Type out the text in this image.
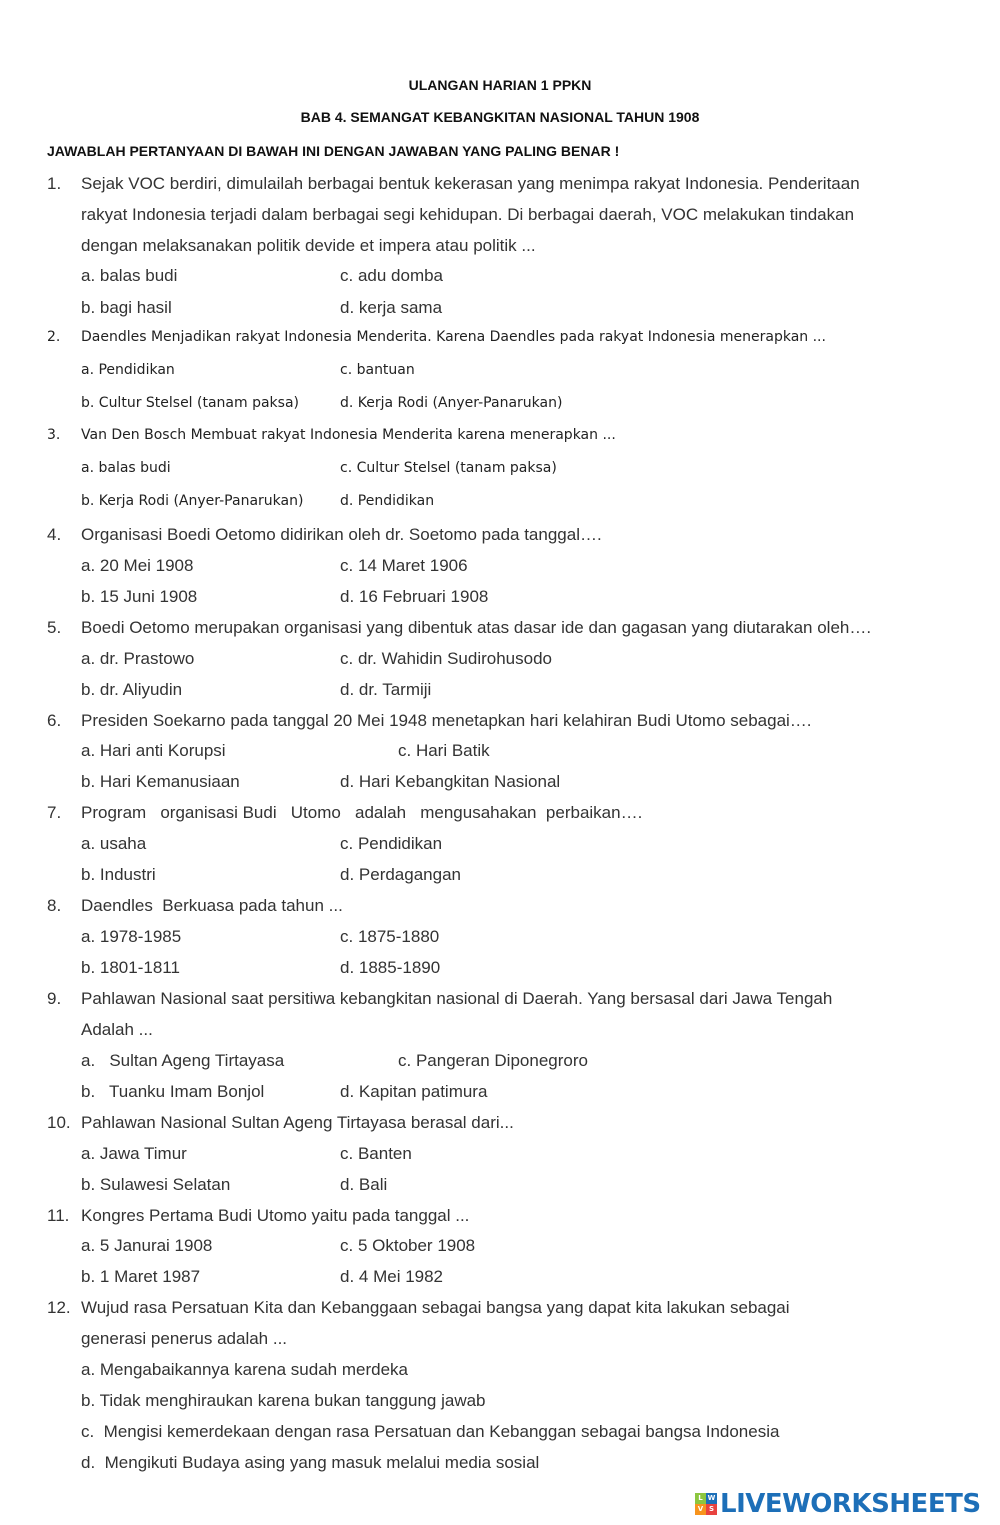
ULANGAN HARIAN 1 PPKN
BAB 4. SEMANGAT KEBANGKITAN NASIONAL TAHUN 1908
JAWABLAH PERTANYAAN DI BAWAH INI DENGAN JAWABAN YANG PALING BENAR !
1. Sejak VOC berdiri, dimulailah berbagai bentuk kekerasan yang menimpa rakyat Indonesia. Penderitaan
rakyat Indonesia terjadi dalam berbagai segi kehidupan. Di berbagai daerah, VOC melakukan tindakan
dengan melaksanakan politik devide et impera atau politik ...
a. balas budi	c. adu domba
b. bagi hasil	d. kerja sama
2. Daendles Menjadikan rakyat Indonesia Menderita. Karena Daendles pada rakyat Indonesia menerapkan ...
a. Pendidikan	c. bantuan
b. Cultur Stelsel (tanam paksa)	d. Kerja Rodi (Anyer-Panarukan)
3. Van Den Bosch Membuat rakyat Indonesia Menderita karena menerapkan ...
a. balas budi	c. Cultur Stelsel (tanam paksa)
b. Kerja Rodi (Anyer-Panarukan)	d. Pendidikan
4. Organisasi Boedi Oetomo didirikan oleh dr. Soetomo pada tanggal….
a. 20 Mei 1908	c. 14 Maret 1906
b. 15 Juni 1908	d. 16 Februari 1908
5. Boedi Oetomo merupakan organisasi yang dibentuk atas dasar ide dan gagasan yang diutarakan oleh….
a. dr. Prastowo	c. dr. Wahidin Sudirohusodo
b. dr. Aliyudin	d. dr. Tarmiji
6. Presiden Soekarno pada tanggal 20 Mei 1948 menetapkan hari kelahiran Budi Utomo sebagai….
a. Hari anti Korupsi	c. Hari Batik
b. Hari Kemanusiaan	d. Hari Kebangkitan Nasional
7. Program   organisasi Budi   Utomo   adalah   mengusahakan  perbaikan….
a. usaha	c. Pendidikan
b. Industri	d. Perdagangan
8. Daendles  Berkuasa pada tahun ...
a. 1978-1985	c. 1875-1880
b. 1801-1811	d. 1885-1890
9. Pahlawan Nasional saat persitiwa kebangkitan nasional di Daerah. Yang bersasal dari Jawa Tengah
Adalah ...
a.   Sultan Ageng Tirtayasa	c. Pangeran Diponegroro
b.   Tuanku Imam Bonjol	d. Kapitan patimura
10. Pahlawan Nasional Sultan Ageng Tirtayasa berasal dari...
a. Jawa Timur	c. Banten
b. Sulawesi Selatan	d. Bali
11. Kongres Pertama Budi Utomo yaitu pada tanggal ...
a. 5 Janurai 1908	c. 5 Oktober 1908
b. 1 Maret 1987	d. 4 Mei 1982
12. Wujud rasa Persatuan Kita dan Kebanggaan sebagai bangsa yang dapat kita lakukan sebagai
generasi penerus adalah ...
a. Mengabaikannya karena sudah merdeka
b. Tidak menghiraukan karena bukan tanggung jawab
c.  Mengisi kemerdekaan dengan rasa Persatuan dan Kebanggan sebagai bangsa Indonesia
d.  Mengikuti Budaya asing yang masuk melalui media sosial
L W
V S LIVEWORKSHEETS
